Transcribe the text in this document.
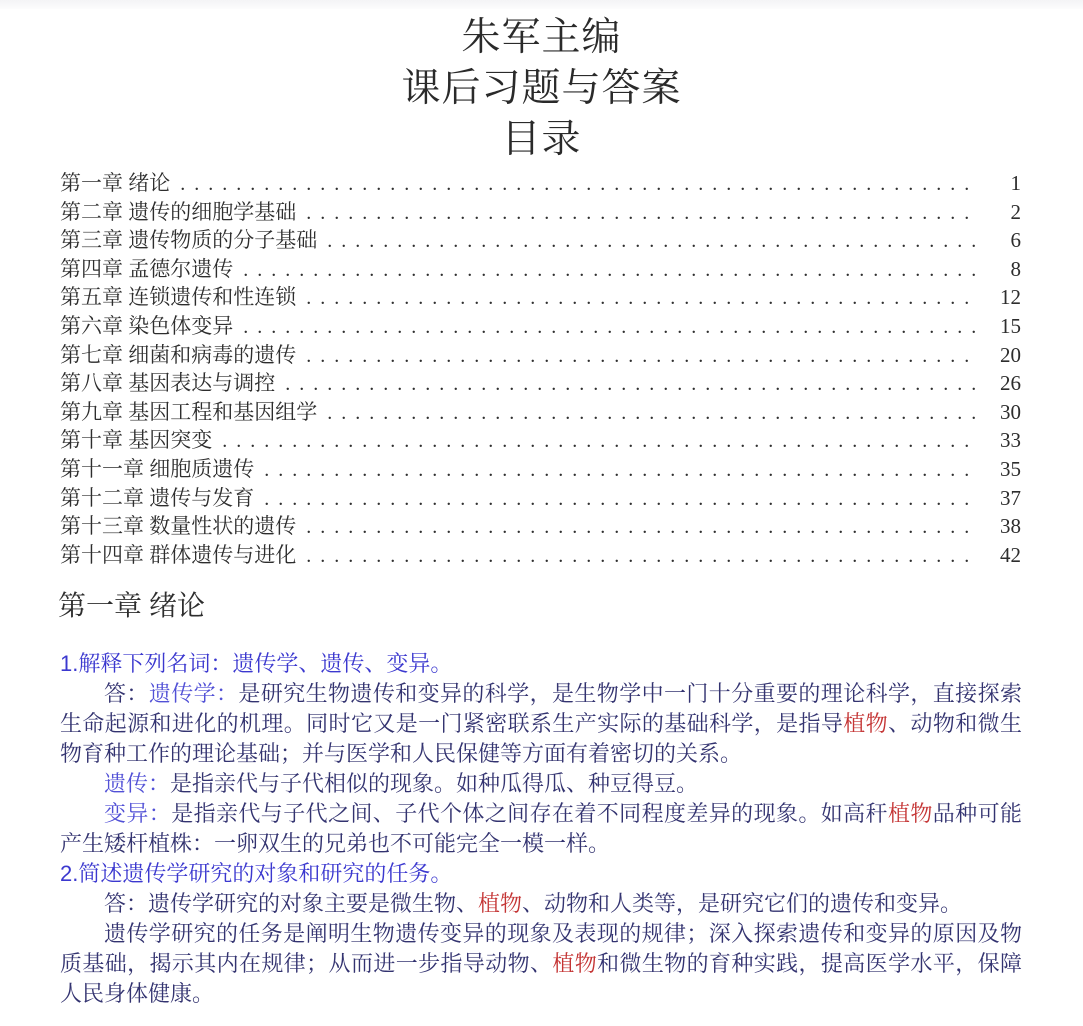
朱军主编
课后习题与答案
目录
第一章 绪论 . . .	1
第二章 遗传的细胞学基础 . . .	2
第三章 遗传物质的分子基础 . . .	6
第四章 孟德尔遗传 . . .	8
第五章 连锁遗传和性连锁 . . .	12
第六章 染色体变异 . . .	15
第七章 细菌和病毒的遗传 . . .	20
第八章 基因表达与调控 . . .	26
第九章 基因工程和基因组学 . . .	30
第十章 基因突变 . . .	33
第十一章 细胞质遗传 . . .	35
第十二章 遗传与发育 . . .	37
第十三章 数量性状的遗传 . . .	38
第十四章 群体遗传与进化 . . .	42
第一章 绪论

1.解释下列名词：遗传学、遗传、变异。

答：遗传学：是研究生物遗传和变异的科学，是生物学中一门十分重要的理论科学，直接探索生命起源和进化的机理。同时它又是一门紧密联系生产实际的基础科学，是指导植物、动物和微生物育种工作的理论基础；并与医学和人民保健等方面有着密切的关系。

遗传：是指亲代与子代相似的现象。如种瓜得瓜、种豆得豆。

变异：是指亲代与子代之间、子代个体之间存在着不同程度差异的现象。如高秆植物品种可能产生矮杆植株：一卵双生的兄弟也不可能完全一模一样。

2.简述遗传学研究的对象和研究的任务。

答：遗传学研究的对象主要是微生物、植物、动物和人类等，是研究它们的遗传和变异。

遗传学研究的任务是阐明生物遗传变异的现象及表现的规律；深入探索遗传和变异的原因及物质基础，揭示其内在规律；从而进一步指导动物、植物和微生物的育种实践，提高医学水平，保障人民身体健康。
